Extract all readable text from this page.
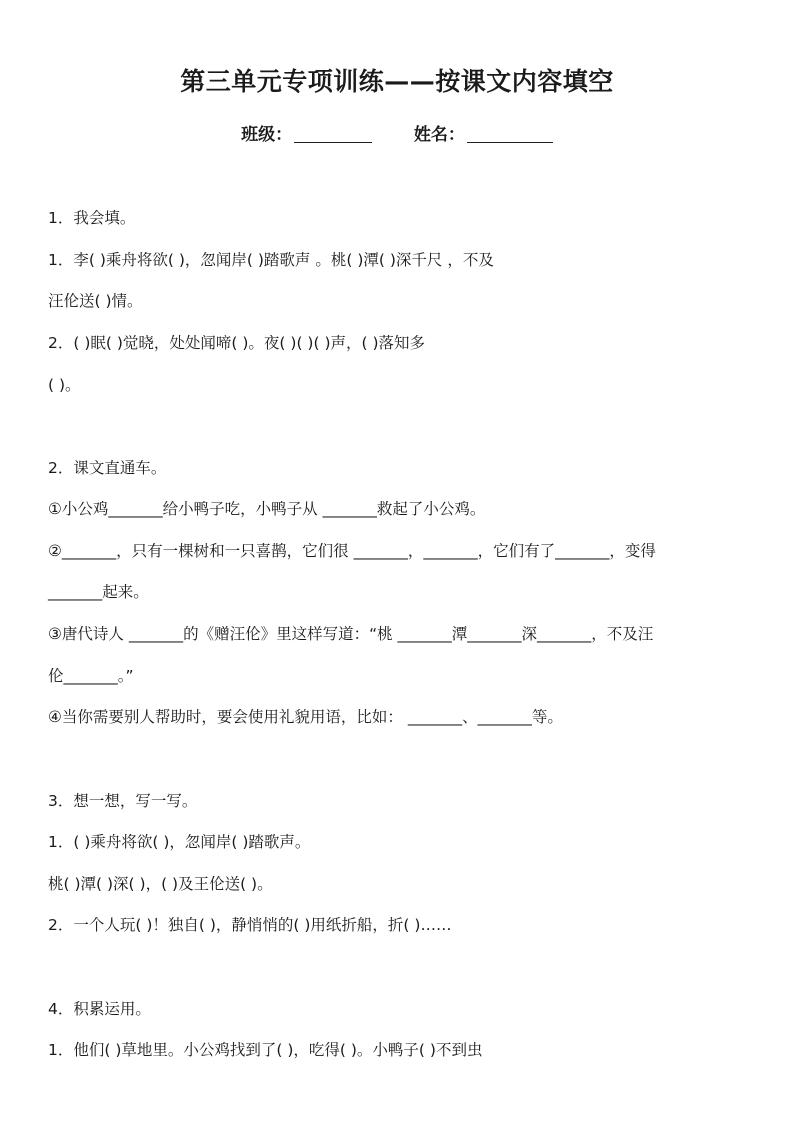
第三单元专项训练——按课文内容填空
班级：	姓名：
1．我会填。
1．李( )乘舟将欲( )，忽闻岸( )踏歌声 。桃( )潭( )深千尺 ，不及
汪伦送( )情。
2．( )眠( )觉晓，处处闻啼( )。夜( )( )( )声，( )落知多
( )。
2．课文直通车。
①小公鸡_______给小鸭子吃，小鸭子从 _______救起了小公鸡。
②_______，只有一棵树和一只喜鹊，它们很 _______，_______，它们有了_______，变得
_______起来。
③唐代诗人 _______的《赠汪伦》里这样写道：“桃 _______潭_______深_______，不及汪
伦_______。”
④当你需要别人帮助时，要会使用礼貌用语，比如： _______、_______等。
3．想一想，写一写。
1．( )乘舟将欲( )，忽闻岸( )踏歌声。
桃( )潭( )深( )，( )及王伦送( )。
2．一个人玩( )！独自( )，静悄悄的( )用纸折船，折( )……
4．积累运用。
1．他们( )草地里。小公鸡找到了( )，吃得( )。小鸭子( )不到虫
